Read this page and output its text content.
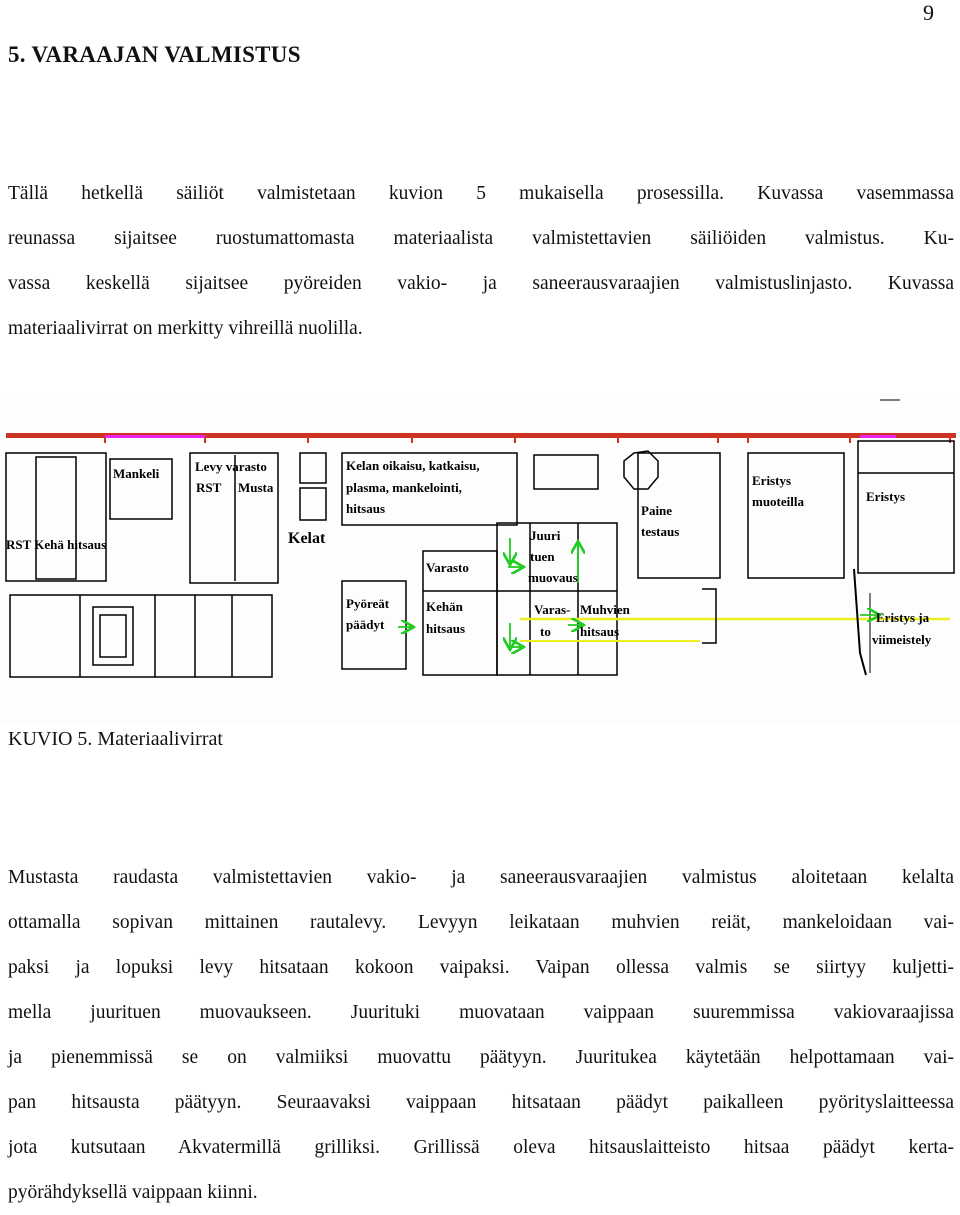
9
5. VARAAJAN VALMISTUS
Tällä hetkellä säiliöt valmistetaan kuvion 5 mukaisella prosessilla. Kuvassa vasemmassa
reunassa sijaitsee ruostumattomasta materiaalista valmistettavien säiliöiden valmistus. Ku-
vassa keskellä sijaitsee pyöreiden vakio- ja saneerausvaraajien valmistuslinjasto. Kuvassa
materiaalivirrat on merkitty vihreillä nuolilla.
RST Kehä hitsaus
Mankeli	Levy varasto
RST Musta
Kelat
Kelan oikaisu, katkaisu,
plasma, mankelointi,
hitsaus
Juuri
tuen
muovaus
Varasto
Paine
testaus
Eristys
muoteilla	Eristys
Pyöreät
päädyt
Kehän
hitsaus
Varas-
to
Muhvien
hitsaus
Eristys ja
viimeistely
KUVIO 5. Materiaalivirrat
Mustasta raudasta valmistettavien vakio- ja saneerausvaraajien valmistus aloitetaan kelalta
ottamalla sopivan mittainen rautalevy. Levyyn leikataan muhvien reiät, mankeloidaan vai-
paksi ja lopuksi levy hitsataan kokoon vaipaksi. Vaipan ollessa valmis se siirtyy kuljetti-
mella juurituen muovaukseen. Juurituki muovataan vaippaan suuremmissa vakiovaraajissa
ja pienemmissä se on valmiiksi muovattu päätyyn. Juuritukea käytetään helpottamaan vai-
pan hitsausta päätyyn. Seuraavaksi vaippaan hitsataan päädyt paikalleen pyörityslaitteessa
jota kutsutaan Akvatermillä grilliksi. Grillissä oleva hitsauslaitteisto hitsaa päädyt kerta-
pyörähdyksellä vaippaan kiinni.
